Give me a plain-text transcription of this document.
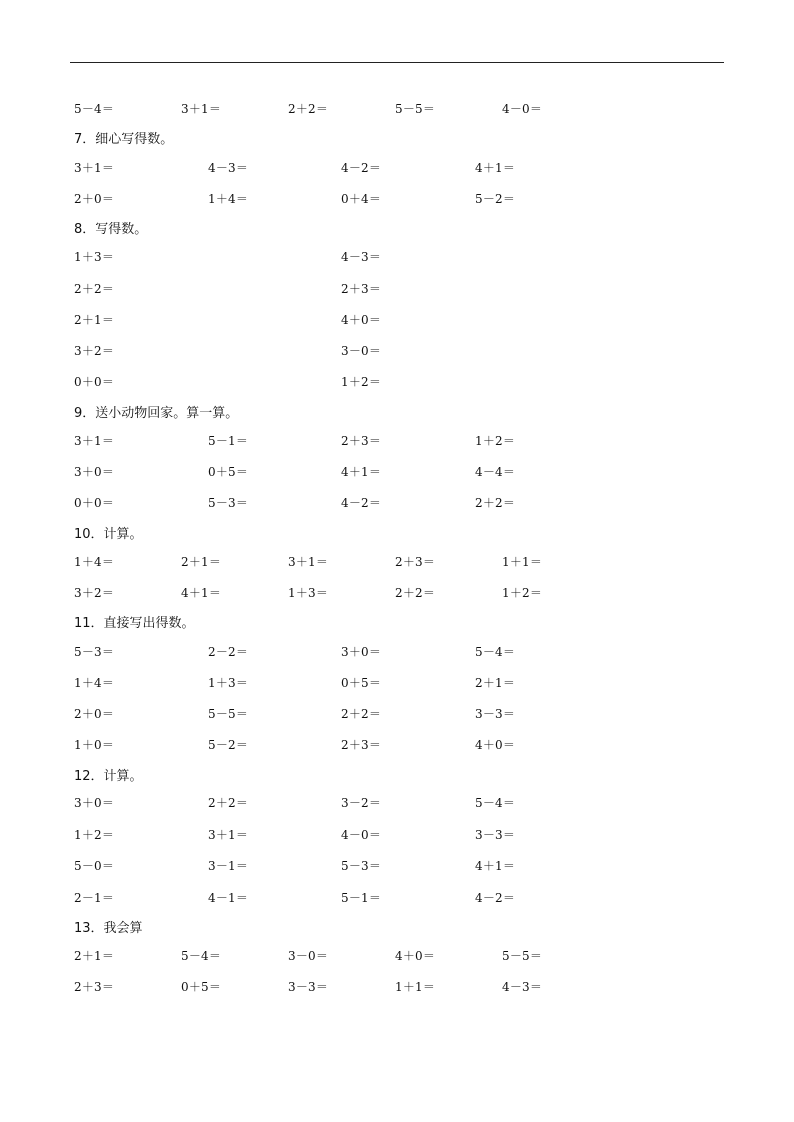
5－4＝	3＋1＝	2＋2＝	5－5＝	4－0＝
7．细心写得数。
3＋1＝	4－3＝	4－2＝	4＋1＝
2＋0＝	1＋4＝	0＋4＝	5－2＝
8．写得数。
1＋3＝	4－3＝
2＋2＝	2＋3＝
2＋1＝	4＋0＝
3＋2＝	3－0＝
0＋0＝	1＋2＝
9．送小动物回家。算一算。
3＋1＝	5－1＝	2＋3＝	1＋2＝
3＋0＝	0＋5＝	4＋1＝	4－4＝
0＋0＝	5－3＝	4－2＝	2＋2＝
10．计算。
1＋4＝	2＋1＝	3＋1＝	2＋3＝	1＋1＝
3＋2＝	4＋1＝	1＋3＝	2＋2＝	1＋2＝
11．直接写出得数。
5－3＝	2－2＝	3＋0＝	5－4＝
1＋4＝	1＋3＝	0＋5＝	2＋1＝
2＋0＝	5－5＝	2＋2＝	3－3＝
1＋0＝	5－2＝	2＋3＝	4＋0＝
12．计算。
3＋0＝	2＋2＝	3－2＝	5－4＝
1＋2＝	3＋1＝	4－0＝	3－3＝
5－0＝	3－1＝	5－3＝	4＋1＝
2－1＝	4－1＝	5－1＝	4－2＝
13．我会算
2＋1＝	5－4＝	3－0＝	4＋0＝	5－5＝
2＋3＝	0＋5＝	3－3＝	1＋1＝	4－3＝
